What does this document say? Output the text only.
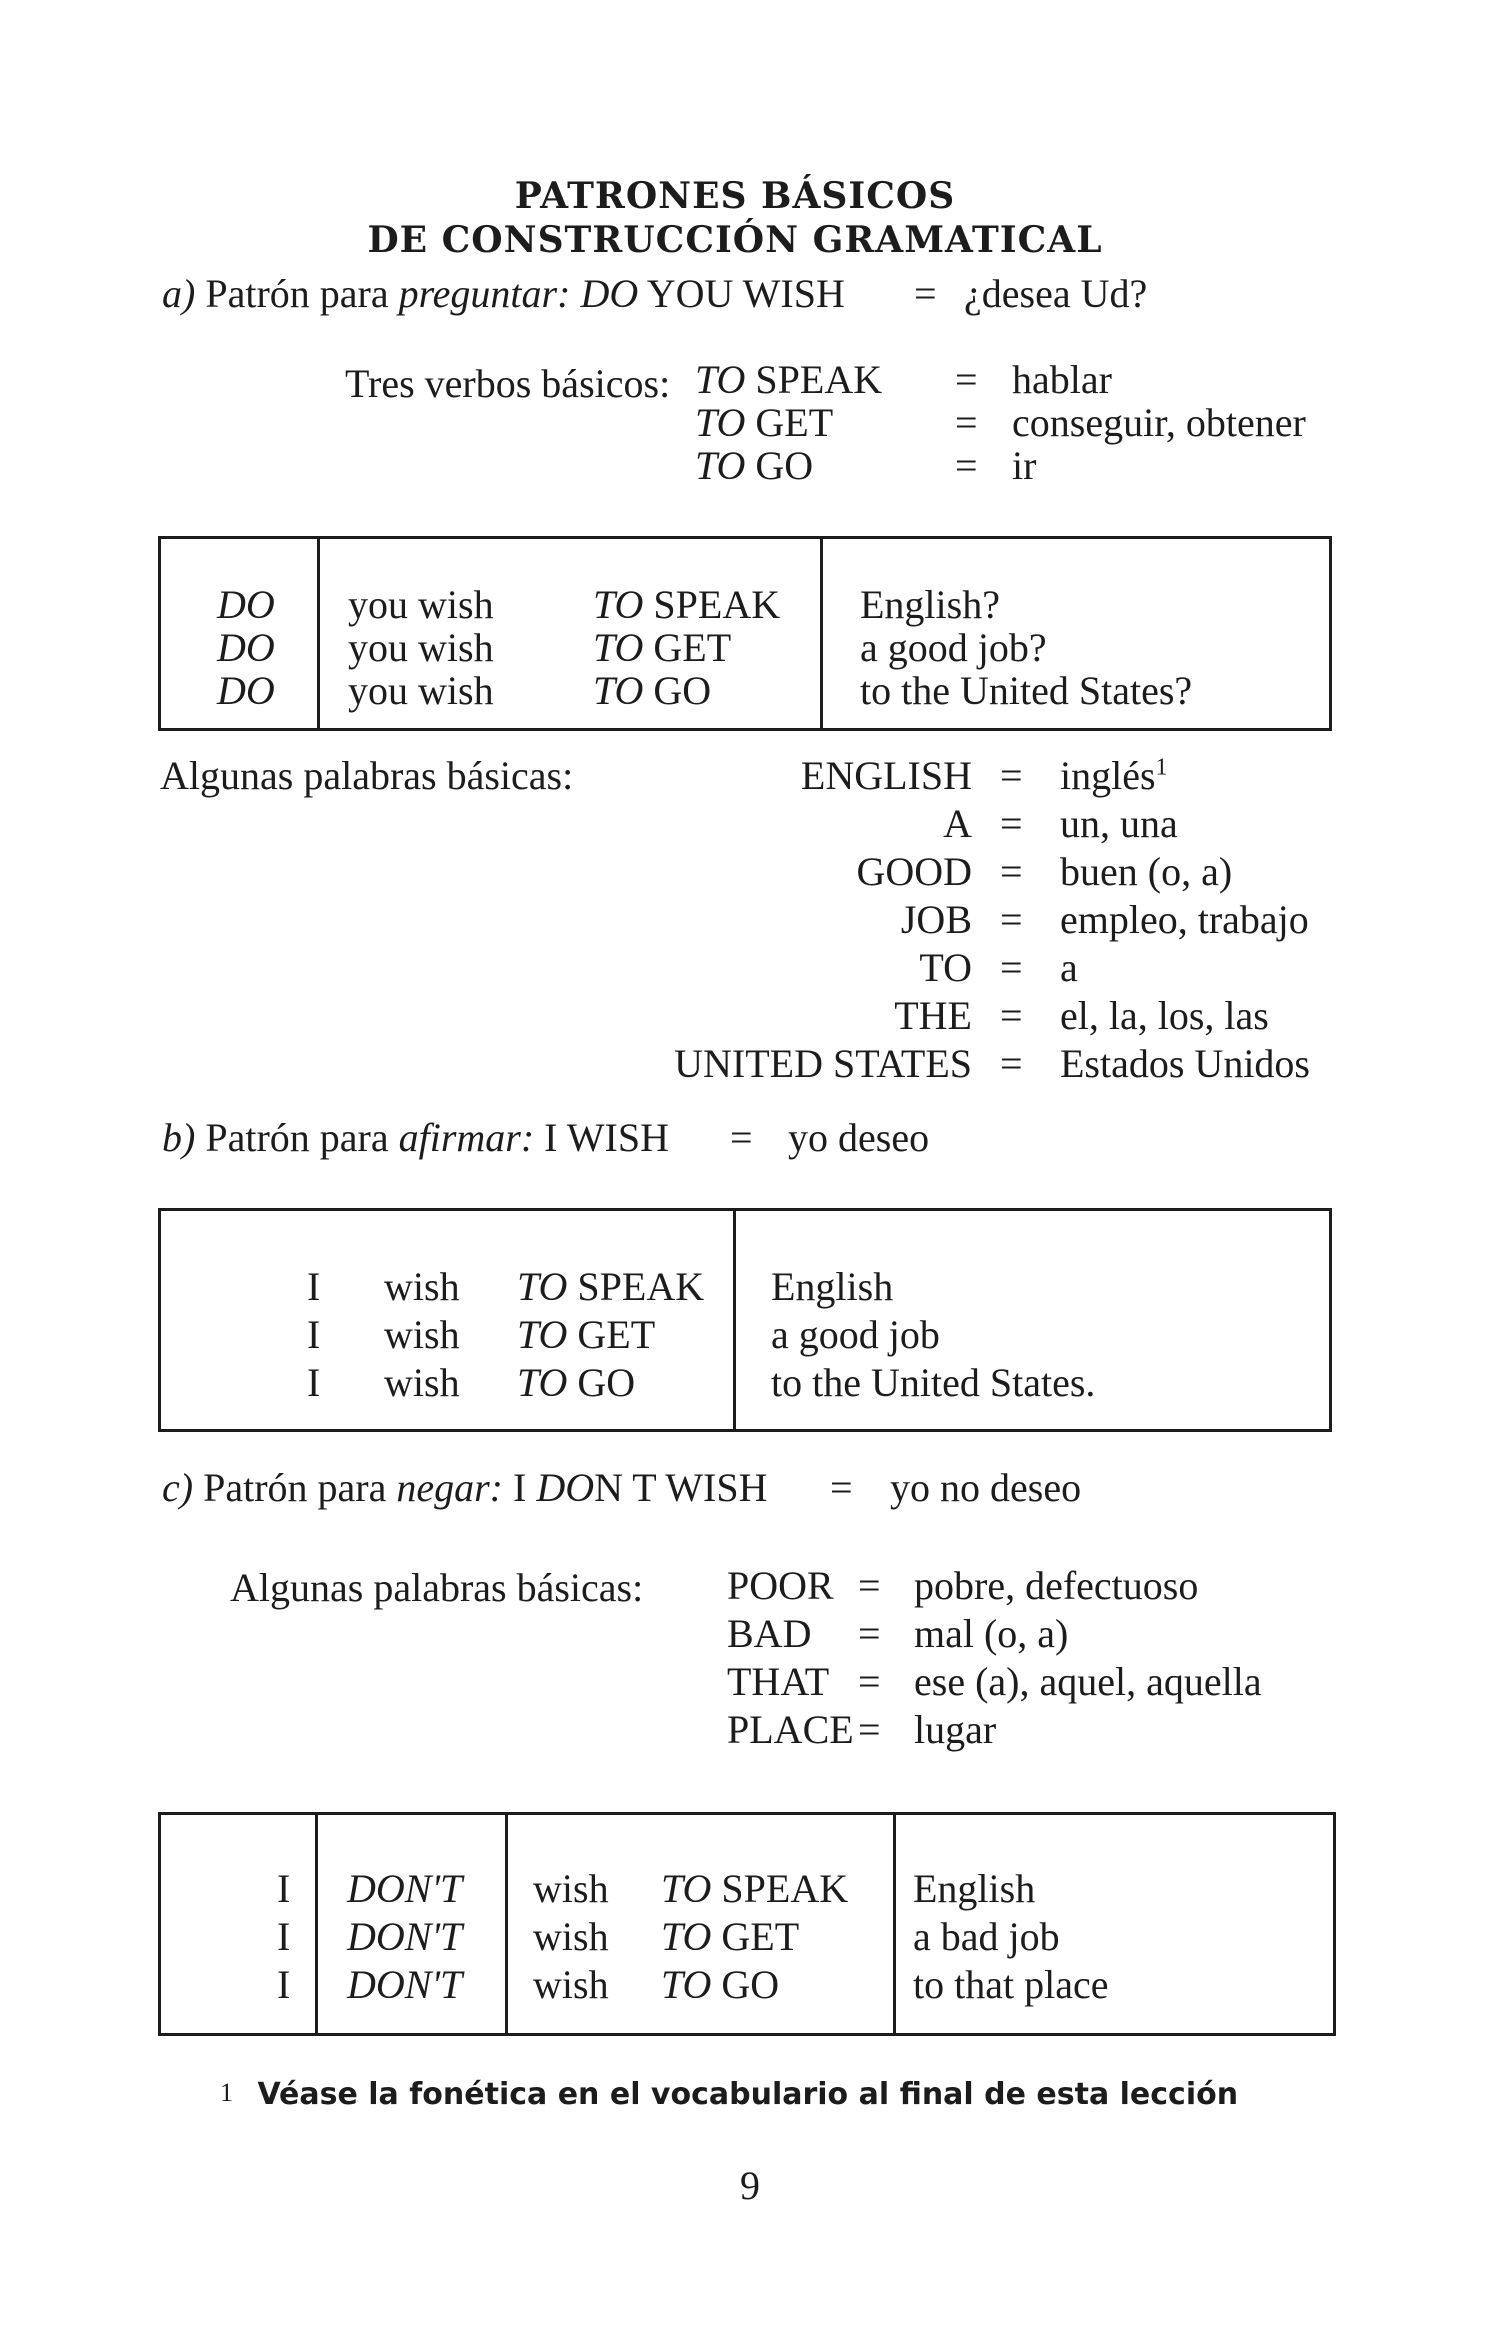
PATRONES BÁSICOS
DE CONSTRUCCIÓN GRAMATICAL
a) Patrón para preguntar: DO YOU WISH = ¿desea Ud?
Tres verbos básicos: TO SPEAK
TO GET
TO GO
=
=
=
hablar
conseguir, obtener
ir
DO
DO
DO
you wish
you wish
you wish
TO SPEAK
TO GET
TO GO
English?
a good job?
to the United States?
Algunas palabras básicas:	ENGLISH
A
GOOD
JOB
TO
THE
UNITED STATES
=
=
=
=
=
=
=
inglés$^1$
un, una
buen (o, a)
empleo, trabajo
a
el, la, los, las
Estados Unidos
b) Patrón para afirmar: I WISH = yo deseo
I
I
I
wish
wish
wish
TO SPEAK
TO GET
TO GO
English
a good job
to the United States.
c) Patrón para negar: I DON T WISH = yo no deseo
Algunas palabras básicas: POOR
BAD
THAT
PLACE
=
=
=
=
pobre, defectuoso
mal (o, a)
ese (a), aquel, aquella
lugar
I
I
I
DON'T
DON'T
DON'T
wish
wish
wish
TO SPEAK
TO GET
TO GO
English
a bad job
to that place
1 Véase la fonética en el vocabulario al final de esta lección
9
